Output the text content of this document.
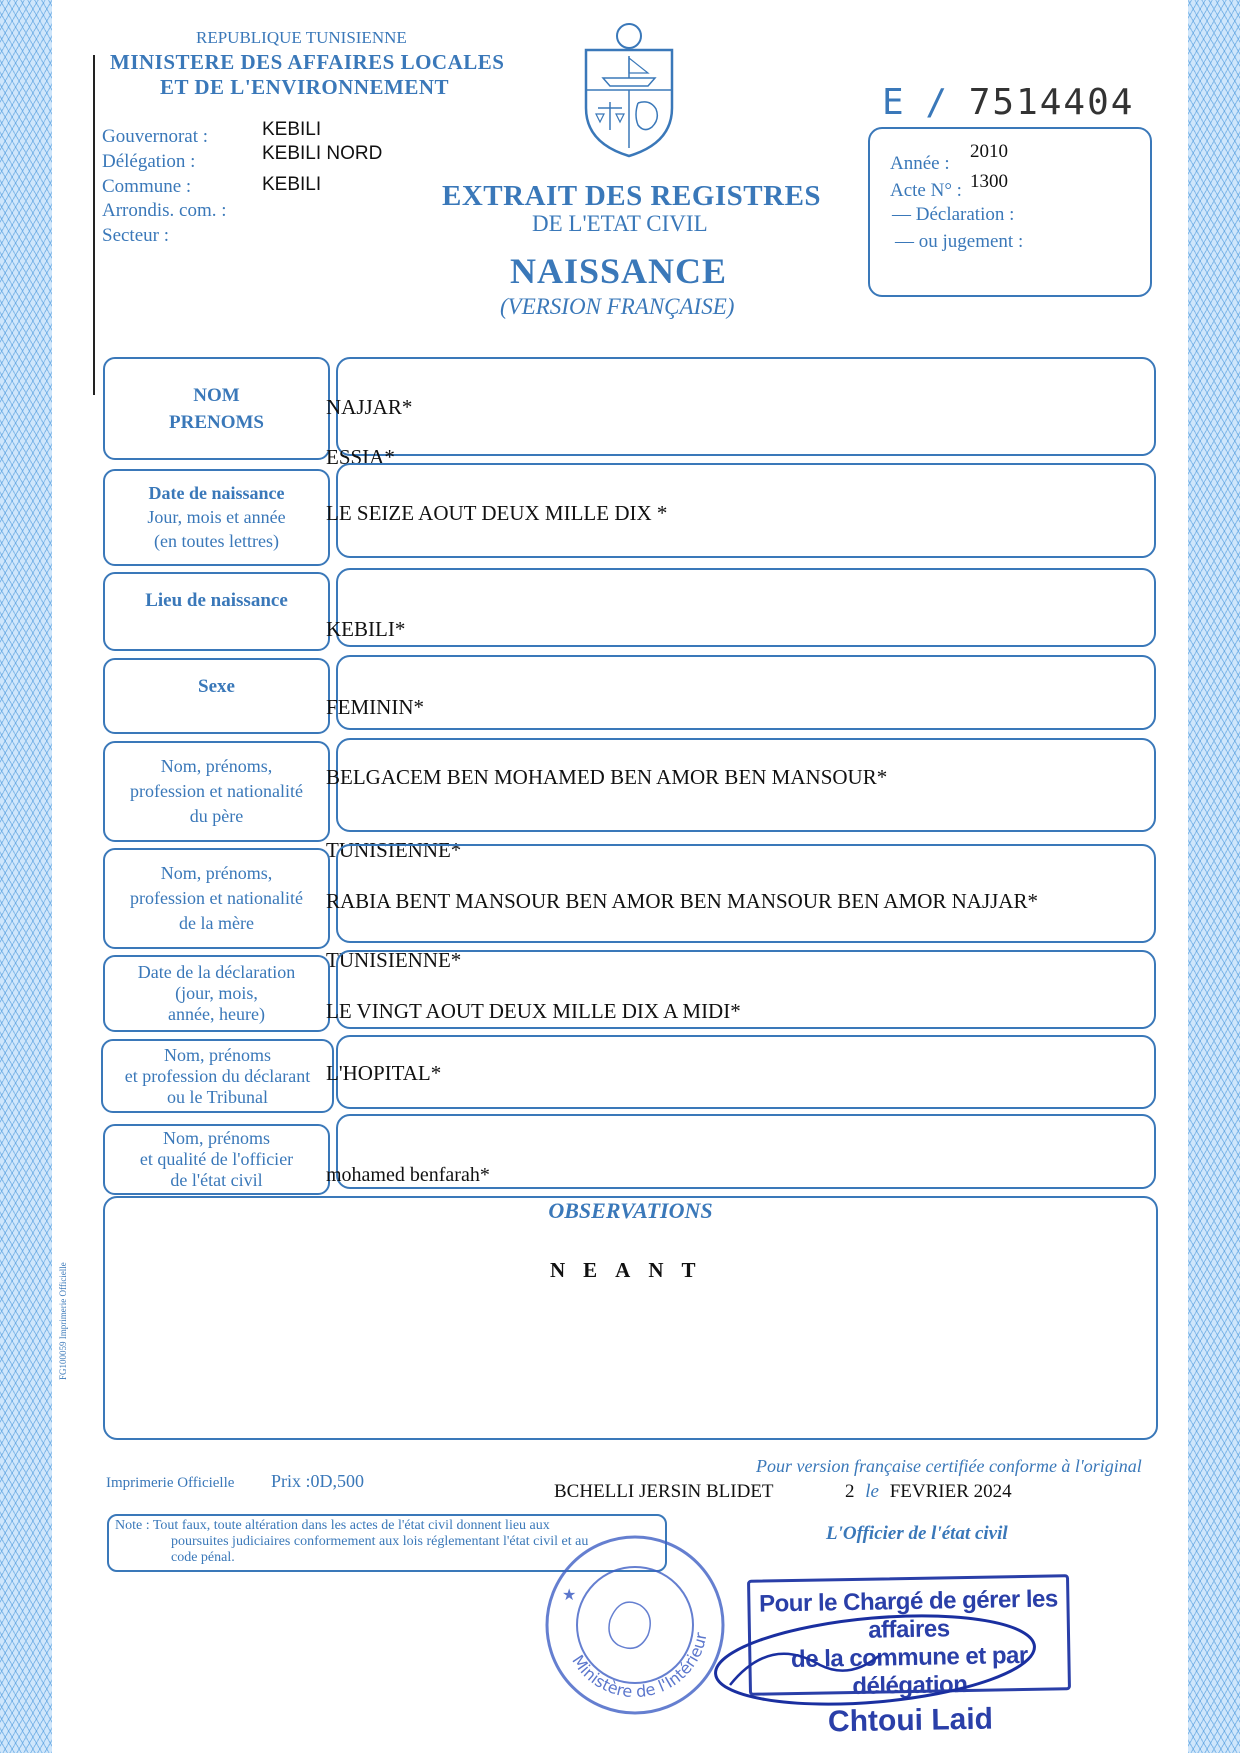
REPUBLIQUE TUNISIENNE
MINISTERE DES AFFAIRES LOCALES
ET DE L'ENVIRONNEMENT
Gouvernorat :	KEBILI
Délégation :	KEBILI NORD
Commune :	KEBILI
Arrondis. com. :
Secteur :
EXTRAIT DES REGISTRES
DE L'ETAT CIVIL
NAISSANCE
(VERSION FRANÇAISE)
E / 7514404
Année :
2010
Acte N° : 1300
— Déclaration :
— ou jugement :
NOM
PRENOMS
NAJJAR*
ESSIA*
Date de naissance
Jour, mois et année
(en toutes lettres)
LE SEIZE AOUT DEUX MILLE DIX *
Lieu de naissance
KEBILI*
Sexe
FEMININ*
Nom, prénoms,
profession et nationalité
du père
BELGACEM BEN MOHAMED BEN AMOR BEN MANSOUR*
TUNISIENNE*
Nom, prénoms,
profession et nationalité
de la mère
RABIA BENT MANSOUR BEN AMOR BEN MANSOUR BEN AMOR NAJJAR*
TUNISIENNE*
Date de la déclaration
(jour, mois,
année, heure)	LE VINGT AOUT DEUX MILLE DIX A MIDI*
Nom, prénoms
et profession du déclarant
ou le Tribunal
L'HOPITAL*
Nom, prénoms
et qualité de l'officier
de l'état civil	mohamed benfarah*
OBSERVATIONS
NEANT
FG100059 Imprimerie Officielle
Imprimerie Officielle Prix :0D,500
Pour version française certifiée conforme à l'original
BCHELLI JERSIN BLIDET	2 le FEVRIER 2024
L'Officier de l'état civil
Note : Tout faux, toute altération dans les actes de l'état civil donnent lieu aux
poursuites judiciaires conformement aux lois réglementant l'état civil et au
code pénal.
Ministère de l'Intérieur
★	Pour le Chargé de gérer les affaires
de la commune et par délégation
Chtoui Laid
